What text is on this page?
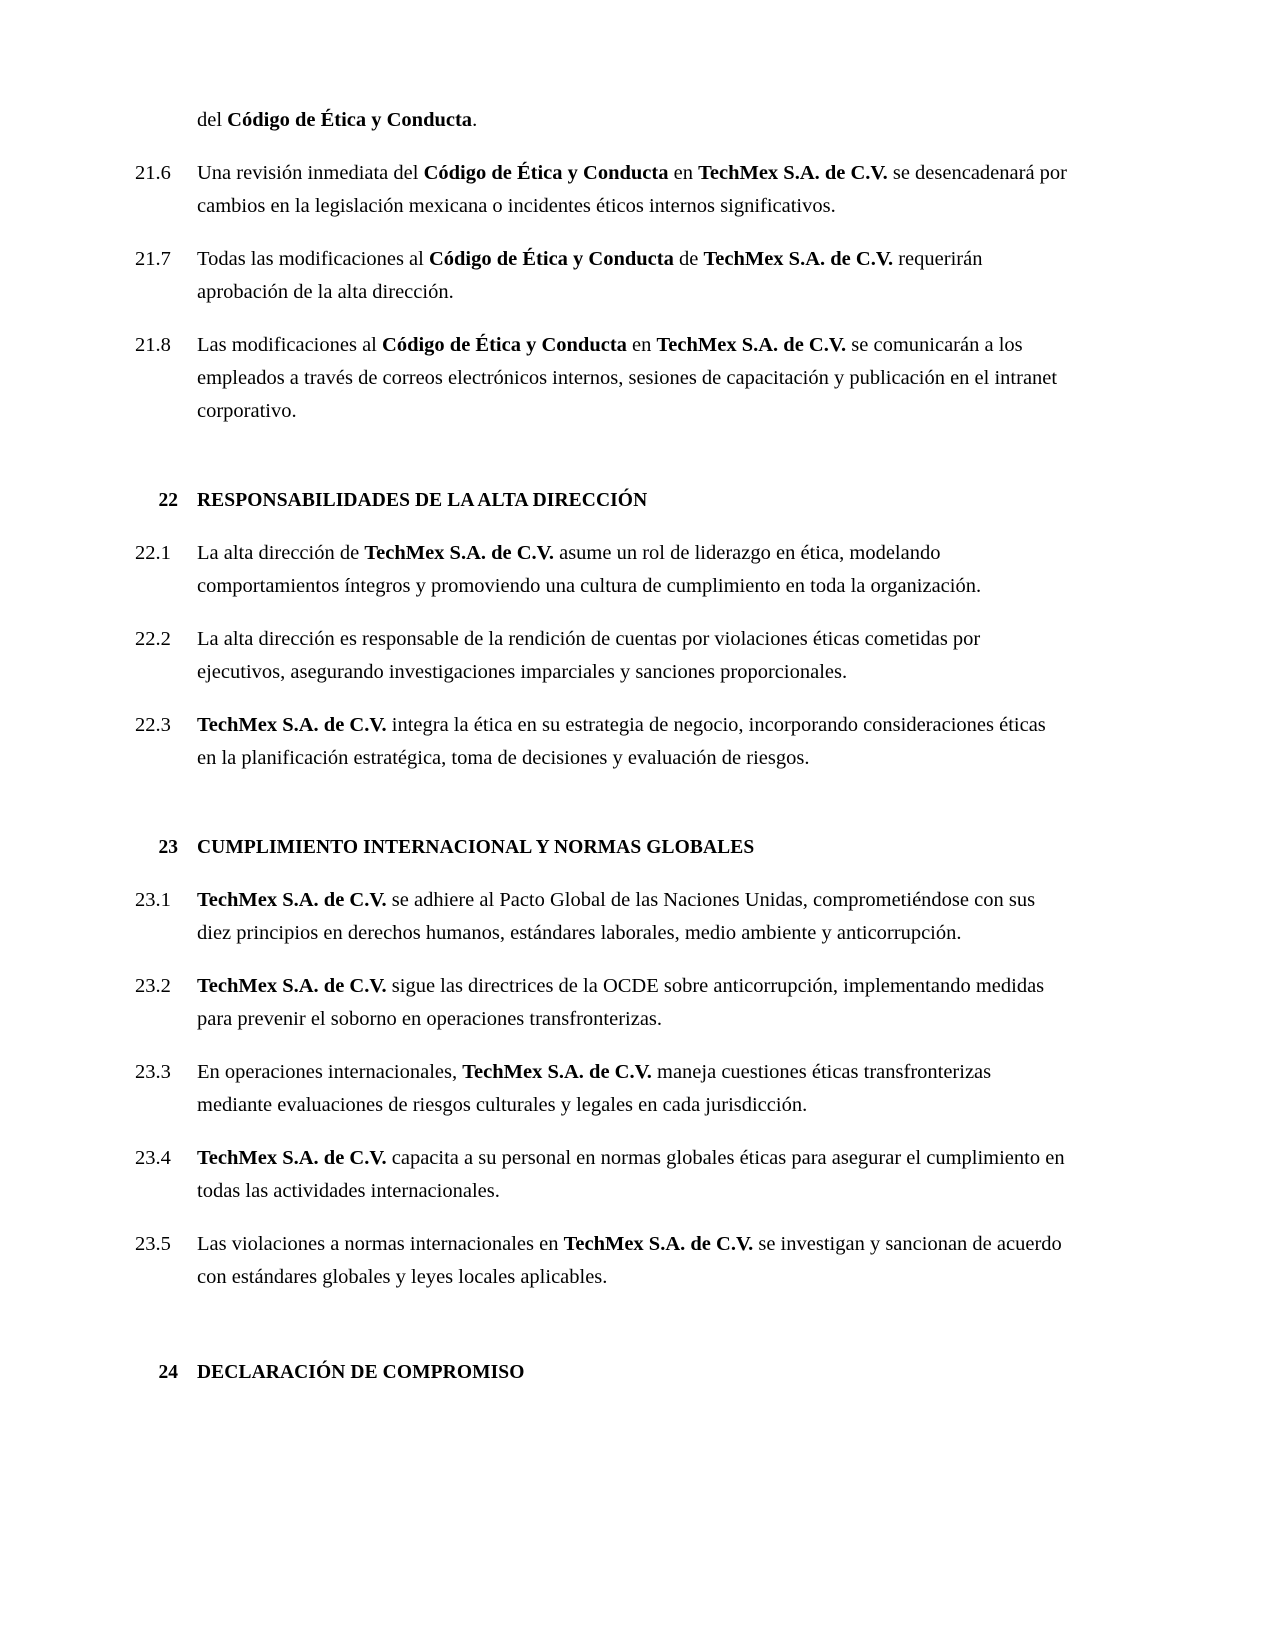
del Código de Ética y Conducta.

21.6	Una revisión inmediata del Código de Ética y Conducta en TechMex S.A. de C.V. se desencadenará por cambios en la legislación mexicana o incidentes éticos internos significativos.
21.7	Todas las modificaciones al Código de Ética y Conducta de TechMex S.A. de C.V. requerirán aprobación de la alta dirección.
21.8	Las modificaciones al Código de Ética y Conducta en TechMex S.A. de C.V. se comunicarán a los empleados a través de correos electrónicos internos, sesiones de capacitación y publicación en el intranet corporativo.
22 RESPONSABILIDADES DE LA ALTA DIRECCIÓN
22.1	La alta dirección de TechMex S.A. de C.V. asume un rol de liderazgo en ética, modelando comportamientos íntegros y promoviendo una cultura de cumplimiento en toda la organización.
22.2	La alta dirección es responsable de la rendición de cuentas por violaciones éticas cometidas por ejecutivos, asegurando investigaciones imparciales y sanciones proporcionales.
22.3	TechMex S.A. de C.V. integra la ética en su estrategia de negocio, incorporando consideraciones éticas en la planificación estratégica, toma de decisiones y evaluación de riesgos.
23 CUMPLIMIENTO INTERNACIONAL Y NORMAS GLOBALES
23.1	TechMex S.A. de C.V. se adhiere al Pacto Global de las Naciones Unidas, comprometiéndose con sus diez principios en derechos humanos, estándares laborales, medio ambiente y anticorrupción.
23.2	TechMex S.A. de C.V. sigue las directrices de la OCDE sobre anticorrupción, implementando medidas para prevenir el soborno en operaciones transfronterizas.
23.3	En operaciones internacionales, TechMex S.A. de C.V. maneja cuestiones éticas transfronterizas mediante evaluaciones de riesgos culturales y legales en cada jurisdicción.
23.4	TechMex S.A. de C.V. capacita a su personal en normas globales éticas para asegurar el cumplimiento en todas las actividades internacionales.
23.5	Las violaciones a normas internacionales en TechMex S.A. de C.V. se investigan y sancionan de acuerdo con estándares globales y leyes locales aplicables.
24 DECLARACIÓN DE COMPROMISO
